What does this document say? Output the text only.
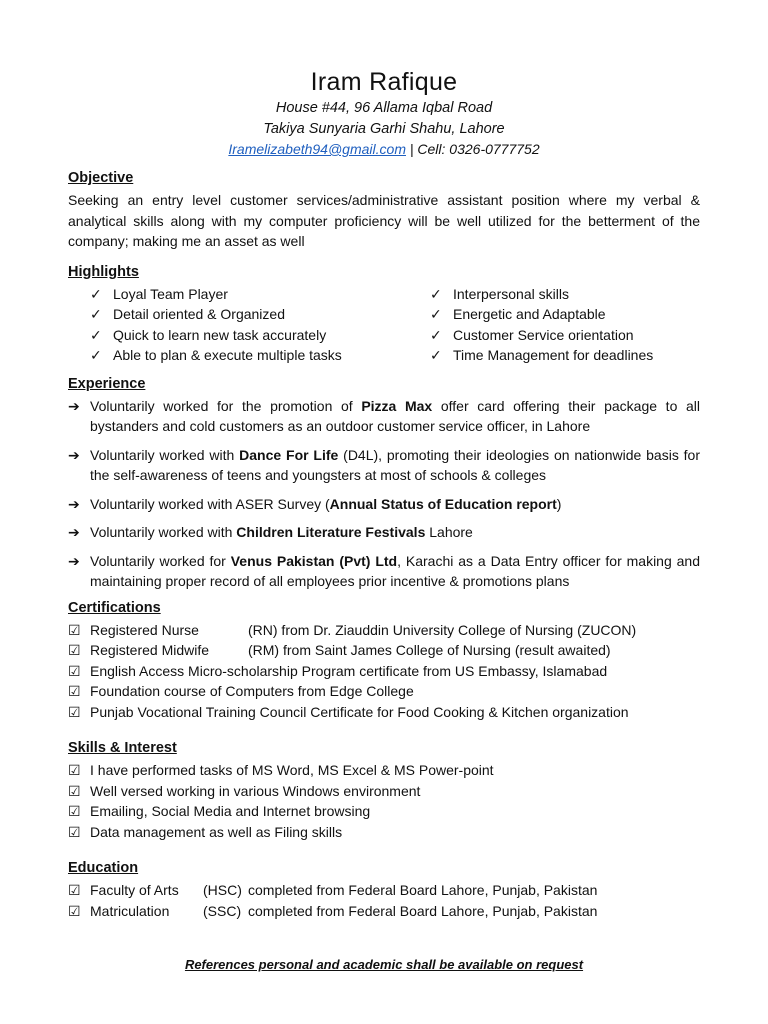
Iram Rafique
House #44, 96 Allama Iqbal Road
Takiya Sunyaria Garhi Shahu, Lahore
Iramelizabeth94@gmail.com | Cell: 0326-0777752
Objective
Seeking an entry level customer services/administrative assistant position where my verbal & analytical skills along with my computer proficiency will be well utilized for the betterment of the company; making me an asset as well
Highlights
✓ Loyal Team Player
✓ Detail oriented & Organized
✓ Quick to learn new task accurately
✓ Able to plan & execute multiple tasks
✓ Interpersonal skills
✓ Energetic and Adaptable
✓ Customer Service orientation
✓ Time Management for deadlines
Experience
➔ Voluntarily worked for the promotion of Pizza Max offer card offering their package to all bystanders and cold customers as an outdoor customer service officer, in Lahore
➔ Voluntarily worked with Dance For Life (D4L), promoting their ideologies on nationwide basis for the self-awareness of teens and youngsters at most of schools & colleges
➔ Voluntarily worked with ASER Survey (Annual Status of Education report)
➔ Voluntarily worked with Children Literature Festivals Lahore
➔ Voluntarily worked for Venus Pakistan (Pvt) Ltd, Karachi as a Data Entry officer for making and maintaining proper record of all employees prior incentive & promotions plans
Certifications
☑ Registered Nurse	(RN) from Dr. Ziauddin University College of Nursing (ZUCON)
☑ Registered Midwife	(RM) from Saint James College of Nursing (result awaited)
☑ English Access Micro-scholarship Program certificate from US Embassy, Islamabad
☑ Foundation course of Computers from Edge College
☑ Punjab Vocational Training Council Certificate for Food Cooking & Kitchen organization
Skills & Interest
☑ I have performed tasks of MS Word, MS Excel & MS Power-point
☑ Well versed working in various Windows environment
☑ Emailing, Social Media and Internet browsing
☑ Data management as well as Filing skills
Education
☑ Faculty of Arts	(HSC) completed from Federal Board Lahore, Punjab, Pakistan
☑ Matriculation	(SSC) completed from Federal Board Lahore, Punjab, Pakistan
References personal and academic shall be available on request
